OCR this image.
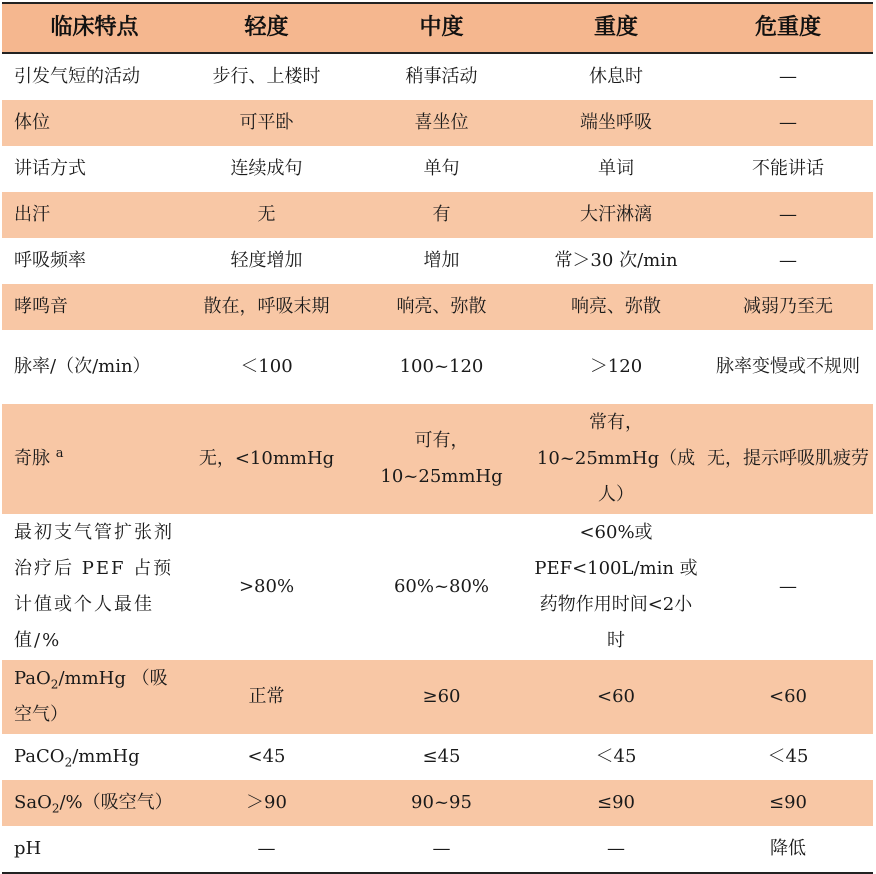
临床特点	轻度	中度	重度	危重度
引发气短的活动	步行、上楼时	稍事活动	休息时	—
体位	可平卧	喜坐位	端坐呼吸	—
讲话方式	连续成句	单句	单词	不能讲话
出汗	无	有	大汗淋漓	—
呼吸频率	轻度增加	增加	常＞30 次/min	—
哮鸣音	散在，呼吸末期	响亮、弥散	响亮、弥散	减弱乃至无
脉率/（次/min）	＜100	100~120	＞120	脉率变慢或不规则
奇脉 $^a$	无，<10mmHg	可有，10~25mmHg	常有，10~25mmHg（成人）	无，提示呼吸肌疲劳
最初支气管扩张剂治疗后 PEF 占预计值或个人最佳值/%	>80%	60%~80%	<60%或PEF<100L/min 或药物作用时间<2小时	—
PaO$_2$/mmHg （吸空气）	正常	≥60	<60	<60
PaCO$_2$/mmHg	<45	≤45	＜45	＜45
SaO$_2$/%（吸空气）	＞90	90~95	≤90	≤90
pH	—	—	—	降低
